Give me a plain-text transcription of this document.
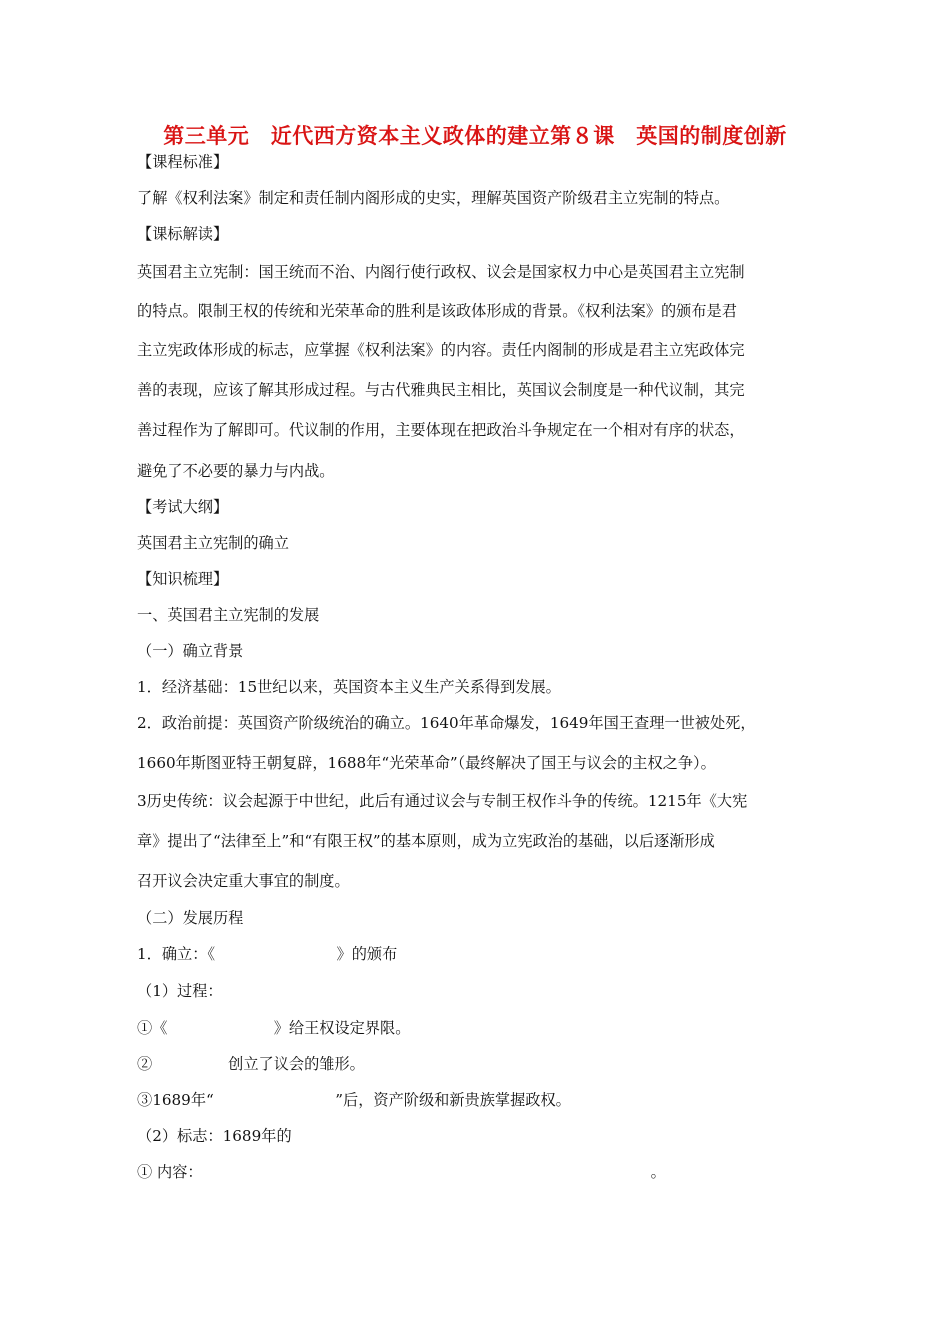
第三单元　近代西方资本主义政体的建立第８课　英国的制度创新
【课程标准】
了解《权利法案》制定和责任制内阁形成的史实，理解英国资产阶级君主立宪制的特点。
【课标解读】
英国君主立宪制：国王统而不治、内阁行使行政权、议会是国家权力中心是英国君主立宪制
的特点。限制王权的传统和光荣革命的胜利是该政体形成的背景。《权利法案》的颁布是君
主立宪政体形成的标志，应掌握《权利法案》的内容。责任内阁制的形成是君主立宪政体完
善的表现，应该了解其形成过程。与古代雅典民主相比，英国议会制度是一种代议制，其完
善过程作为了解即可。代议制的作用，主要体现在把政治斗争规定在一个相对有序的状态，
避免了不必要的暴力与内战。
【考试大纲】
英国君主立宪制的确立
【知识梳理】
一、英国君主立宪制的发展
（一）确立背景
1．经济基础：15世纪以来，英国资本主义生产关系得到发展。
2．政治前提：英国资产阶级统治的确立。1640年革命爆发，1649年国王查理一世被处死，
1660年斯图亚特王朝复辟，1688年“光荣革命”（最终解决了国王与议会的主权之争）。
3历史传统：议会起源于中世纪，此后有通过议会与专制王权作斗争的传统。1215年《大宪
章》提出了“法律至上”和“有限王权”的基本原则，成为立宪政治的基础，以后逐渐形成
召开议会决定重大事宜的制度。
（二）发展历程
1．确立：《　　　　　　　　》的颁布
（1）过程：
①《　　　　　　　》给王权设定界限。
②　　　　　创立了议会的雏形。
③1689年“　　　　　　　　”后，资产阶级和新贵族掌握政权。
（2）标志：1689年的
① 内容：　　　　　　　　　　　　　　　　　　　　　　　　　　　　　　。
